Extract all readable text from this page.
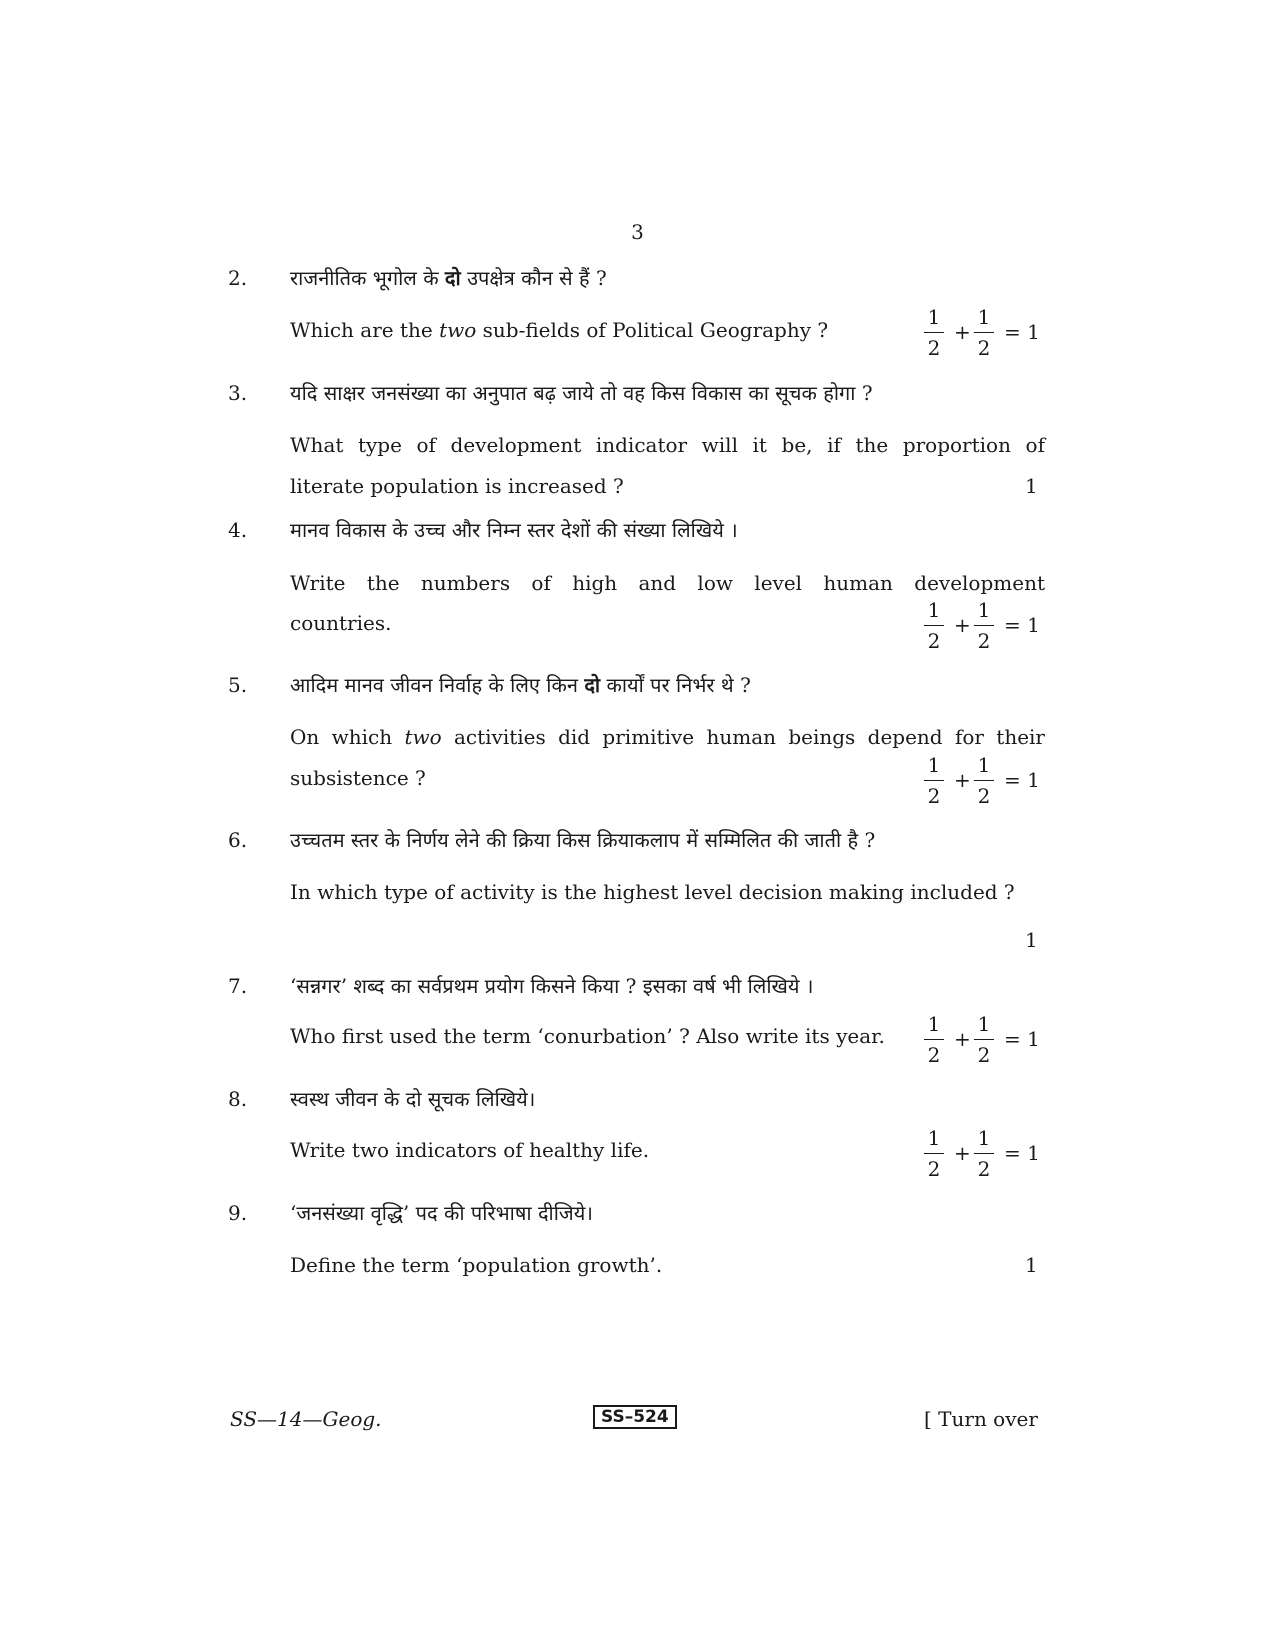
3
2. राजनीतिक भूगोल के दो उपक्षेत्र कौन से हैं ?
Which are the two sub-fields of Political Geography ?
1
2
+
1
2
= 1
3. यदि साक्षर जनसंख्या का अनुपात बढ़ जाये तो वह किस विकास का सूचक होगा ?
What type of development indicator will it be, if the proportion of
literate population is increased ?	1
4. मानव विकास के उच्च और निम्न स्तर देशों की संख्या लिखिये ।
Write the numbers of high and low level human development
countries.
1
2
+
1
2
= 1
5. आदिम मानव जीवन निर्वाह के लिए किन दो कार्यों पर निर्भर थे ?
On which two activities did primitive human beings depend for their
subsistence ?
1
2
+
1
2
= 1
6. उच्चतम स्तर के निर्णय लेने की क्रिया किस क्रियाकलाप में सम्मिलित की जाती है ?
In which type of activity is the highest level decision making included ?
1
7. ‘सन्नगर’ शब्द का सर्वप्रथम प्रयोग किसने किया ? इसका वर्ष भी लिखिये ।
Who first used the term ‘conurbation’ ? Also write its year. 1
2
+
1
2
= 1
8. स्वस्थ जीवन के दो सूचक लिखिये।
Write two indicators of healthy life.	1
2
+
1
2
= 1
9. ‘जनसंख्या वृद्धि’ पद की परिभाषा दीजिये।
Define the term ‘population growth’.	1
SS—14—Geog.	SS–524	[ Turn over
